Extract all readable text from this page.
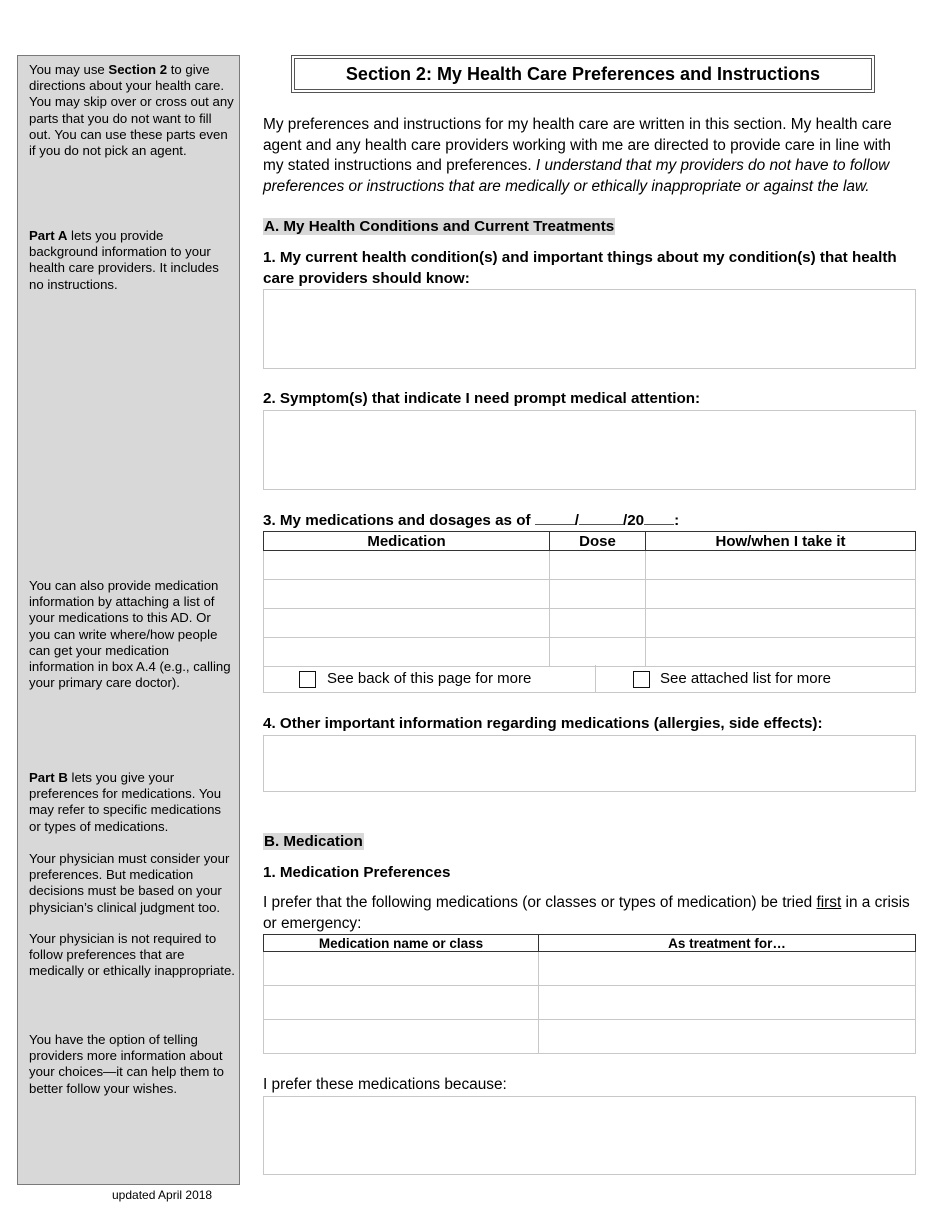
You may use Section 2 to give directions about your health care. You may skip over or cross out any parts that you do not want to fill out. You can use these parts even if you do not pick an agent.
Part A lets you provide background information to your health care providers. It includes no instructions.
You can also provide medication information by attaching a list of your medications to this AD. Or you can write where/how people can get your medication information in box A.4 (e.g., calling your primary care doctor).
Part B lets you give your preferences for medications. You may refer to specific medications or types of medications.
Your physician must consider your preferences. But medication decisions must be based on your physician’s clinical judgment too.
Your physician is not required to follow preferences that are medically or ethically inappropriate.
You have the option of telling providers more information about your choices—it can help them to better follow your wishes.
updated April 2018
Section 2: My Health Care Preferences and Instructions
My preferences and instructions for my health care are written in this section. My health care agent and any health care providers working with me are directed to provide care in line with my stated instructions and preferences. I understand that my providers do not have to follow preferences or instructions that are medically or ethically inappropriate or against the law.
A. My Health Conditions and Current Treatments
1. My current health condition(s) and important things about my condition(s) that health care providers should know:
2. Symptom(s) that indicate I need prompt medical attention:
3. My medications and dosages as of	/	/20 :
Medication	Dose	How/when I take it

See back of this page for more	See attached list for more
4. Other important information regarding medications (allergies, side effects):
B. Medication
1. Medication Preferences
I prefer that the following medications (or classes or types of medication) be tried first in a crisis or emergency:
Medication name or class	As treatment for…

I prefer these medications because:
